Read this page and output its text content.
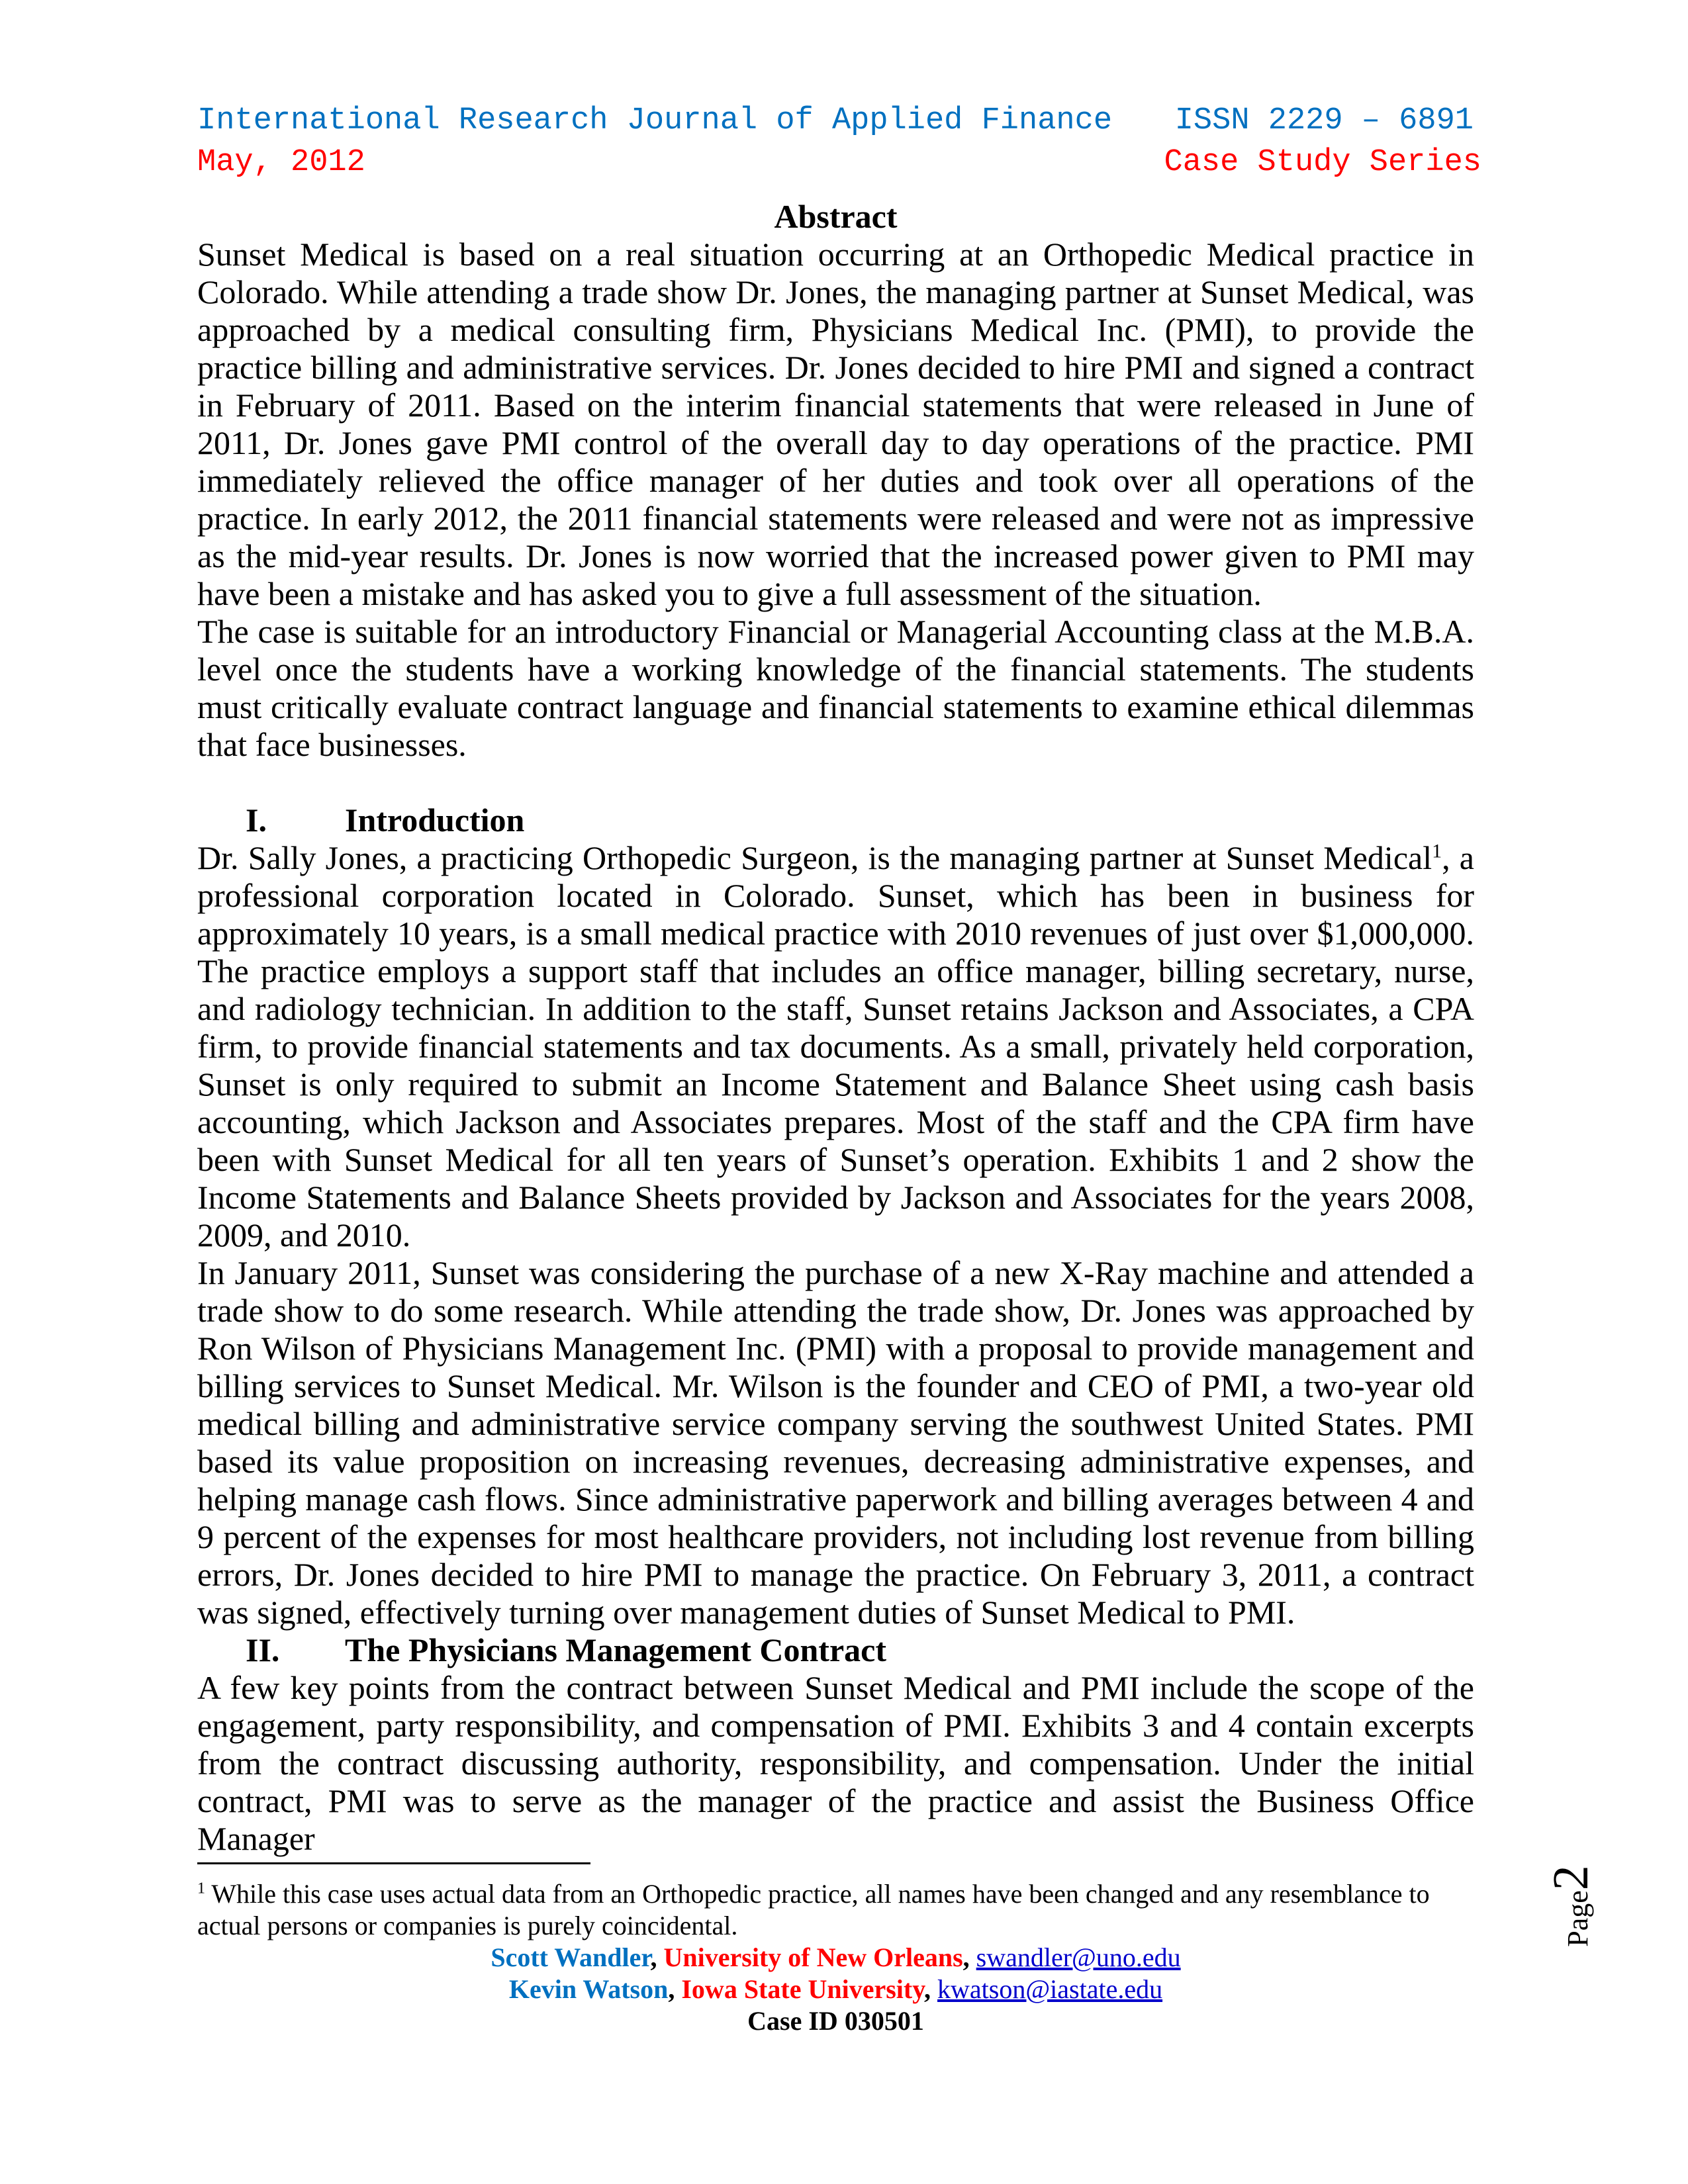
International Research Journal of Applied Finance ISSN 2229 – 6891
May, 2012	Case Study Series
Abstract

Sunset Medical is based on a real situation occurring at an Orthopedic Medical practice in Colorado. While attending a trade show Dr. Jones, the managing partner at Sunset Medical, was approached by a medical consulting firm, Physicians Medical Inc. (PMI), to provide the practice billing and administrative services. Dr. Jones decided to hire PMI and signed a contract in February of 2011. Based on the interim financial statements that were released in June of 2011, Dr. Jones gave PMI control of the overall day to day operations of the practice. PMI immediately relieved the office manager of her duties and took over all operations of the practice. In early 2012, the 2011 financial statements were released and were not as impressive as the mid-year results. Dr. Jones is now worried that the increased power given to PMI may have been a mistake and has asked you to give a full assessment of the situation.

The case is suitable for an introductory Financial or Managerial Accounting class at the M.B.A. level once the students have a working knowledge of the financial statements. The students must critically evaluate contract language and financial statements to examine ethical dilemmas that face businesses.

I. Introduction

Dr. Sally Jones, a practicing Orthopedic Surgeon, is the managing partner at Sunset Medical$^1$, a professional corporation located in Colorado. Sunset, which has been in business for approximately 10 years, is a small medical practice with 2010 revenues of just over $1,000,000. The practice employs a support staff that includes an office manager, billing secretary, nurse, and radiology technician. In addition to the staff, Sunset retains Jackson and Associates, a CPA firm, to provide financial statements and tax documents. As a small, privately held corporation, Sunset is only required to submit an Income Statement and Balance Sheet using cash basis accounting, which Jackson and Associates prepares. Most of the staff and the CPA firm have been with Sunset Medical for all ten years of Sunset’s operation. Exhibits 1 and 2 show the Income Statements and Balance Sheets provided by Jackson and Associates for the years 2008, 2009, and 2010.

In January 2011, Sunset was considering the purchase of a new X-Ray machine and attended a trade show to do some research. While attending the trade show, Dr. Jones was approached by Ron Wilson of Physicians Management Inc. (PMI) with a proposal to provide management and billing services to Sunset Medical. Mr. Wilson is the founder and CEO of PMI, a two-year old medical billing and administrative service company serving the southwest United States. PMI based its value proposition on increasing revenues, decreasing administrative expenses, and helping manage cash flows. Since administrative paperwork and billing averages between 4 and 9 percent of the expenses for most healthcare providers, not including lost revenue from billing errors, Dr. Jones decided to hire PMI to manage the practice. On February 3, 2011, a contract was signed, effectively turning over management duties of Sunset Medical to PMI.

II. The Physicians Management Contract

A few key points from the contract between Sunset Medical and PMI include the scope of the engagement, party responsibility, and compensation of PMI. Exhibits 3 and 4 contain excerpts from the contract discussing authority, responsibility, and compensation. Under the initial contract, PMI was to serve as the manager of the practice and assist the Business Office Manager

$^1$ While this case uses actual data from an Orthopedic practice, all names have been changed and any resemblance to actual persons or companies is purely coincidental.
Scott Wandler, University of New Orleans, swandler@uno.edu
Kevin Watson, Iowa State University, kwatson@iastate.edu
Case ID 030501
Page
2
